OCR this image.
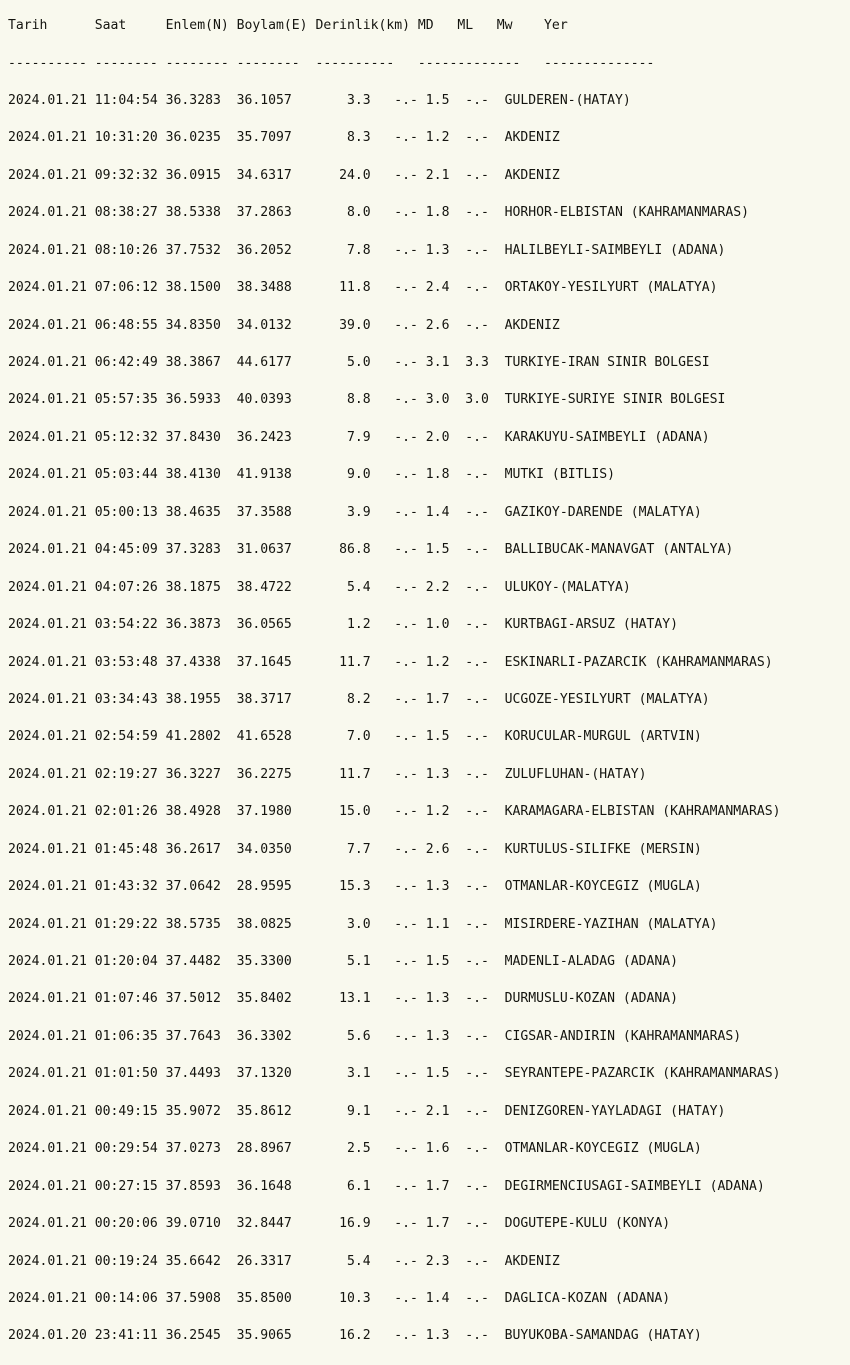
Tarih      Saat     Enlem(N) Boylam(E) Derinlik(km) MD   ML   Mw    Yer

---------- -------- -------- --------  ----------   -------------   --------------

2024.01.21 11:04:54 36.3283  36.1057       3.3   -.- 1.5  -.-  GULDEREN-(HATAY)

2024.01.21 10:31:20 36.0235  35.7097       8.3   -.- 1.2  -.-  AKDENIZ

2024.01.21 09:32:32 36.0915  34.6317      24.0   -.- 2.1  -.-  AKDENIZ

2024.01.21 08:38:27 38.5338  37.2863       8.0   -.- 1.8  -.-  HORHOR-ELBISTAN (KAHRAMANMARAS)

2024.01.21 08:10:26 37.7532  36.2052       7.8   -.- 1.3  -.-  HALILBEYLI-SAIMBEYLI (ADANA)

2024.01.21 07:06:12 38.1500  38.3488      11.8   -.- 2.4  -.-  ORTAKOY-YESILYURT (MALATYA)

2024.01.21 06:48:55 34.8350  34.0132      39.0   -.- 2.6  -.-  AKDENIZ

2024.01.21 06:42:49 38.3867  44.6177       5.0   -.- 3.1  3.3  TURKIYE-IRAN SINIR BOLGESI

2024.01.21 05:57:35 36.5933  40.0393       8.8   -.- 3.0  3.0  TURKIYE-SURIYE SINIR BOLGESI

2024.01.21 05:12:32 37.8430  36.2423       7.9   -.- 2.0  -.-  KARAKUYU-SAIMBEYLI (ADANA)

2024.01.21 05:03:44 38.4130  41.9138       9.0   -.- 1.8  -.-  MUTKI (BITLIS)

2024.01.21 05:00:13 38.4635  37.3588       3.9   -.- 1.4  -.-  GAZIKOY-DARENDE (MALATYA)

2024.01.21 04:45:09 37.3283  31.0637      86.8   -.- 1.5  -.-  BALLIBUCAK-MANAVGAT (ANTALYA)

2024.01.21 04:07:26 38.1875  38.4722       5.4   -.- 2.2  -.-  ULUKOY-(MALATYA)

2024.01.21 03:54:22 36.3873  36.0565       1.2   -.- 1.0  -.-  KURTBAGI-ARSUZ (HATAY)

2024.01.21 03:53:48 37.4338  37.1645      11.7   -.- 1.2  -.-  ESKINARLI-PAZARCIK (KAHRAMANMARAS)

2024.01.21 03:34:43 38.1955  38.3717       8.2   -.- 1.7  -.-  UCGOZE-YESILYURT (MALATYA)

2024.01.21 02:54:59 41.2802  41.6528       7.0   -.- 1.5  -.-  KORUCULAR-MURGUL (ARTVIN)

2024.01.21 02:19:27 36.3227  36.2275      11.7   -.- 1.3  -.-  ZULUFLUHAN-(HATAY)

2024.01.21 02:01:26 38.4928  37.1980      15.0   -.- 1.2  -.-  KARAMAGARA-ELBISTAN (KAHRAMANMARAS)

2024.01.21 01:45:48 36.2617  34.0350       7.7   -.- 2.6  -.-  KURTULUS-SILIFKE (MERSIN)

2024.01.21 01:43:32 37.0642  28.9595      15.3   -.- 1.3  -.-  OTMANLAR-KOYCEGIZ (MUGLA)

2024.01.21 01:29:22 38.5735  38.0825       3.0   -.- 1.1  -.-  MISIRDERE-YAZIHAN (MALATYA)

2024.01.21 01:20:04 37.4482  35.3300       5.1   -.- 1.5  -.-  MADENLI-ALADAG (ADANA)

2024.01.21 01:07:46 37.5012  35.8402      13.1   -.- 1.3  -.-  DURMUSLU-KOZAN (ADANA)

2024.01.21 01:06:35 37.7643  36.3302       5.6   -.- 1.3  -.-  CIGSAR-ANDIRIN (KAHRAMANMARAS)

2024.01.21 01:01:50 37.4493  37.1320       3.1   -.- 1.5  -.-  SEYRANTEPE-PAZARCIK (KAHRAMANMARAS)

2024.01.21 00:49:15 35.9072  35.8612       9.1   -.- 2.1  -.-  DENIZGOREN-YAYLADAGI (HATAY)

2024.01.21 00:29:54 37.0273  28.8967       2.5   -.- 1.6  -.-  OTMANLAR-KOYCEGIZ (MUGLA)

2024.01.21 00:27:15 37.8593  36.1648       6.1   -.- 1.7  -.-  DEGIRMENCIUSAGI-SAIMBEYLI (ADANA)

2024.01.21 00:20:06 39.0710  32.8447      16.9   -.- 1.7  -.-  DOGUTEPE-KULU (KONYA)

2024.01.21 00:19:24 35.6642  26.3317       5.4   -.- 2.3  -.-  AKDENIZ

2024.01.21 00:14:06 37.5908  35.8500      10.3   -.- 1.4  -.-  DAGLICA-KOZAN (ADANA)

2024.01.20 23:41:11 36.2545  35.9065      16.2   -.- 1.3  -.-  BUYUKOBA-SAMANDAG (HATAY)
